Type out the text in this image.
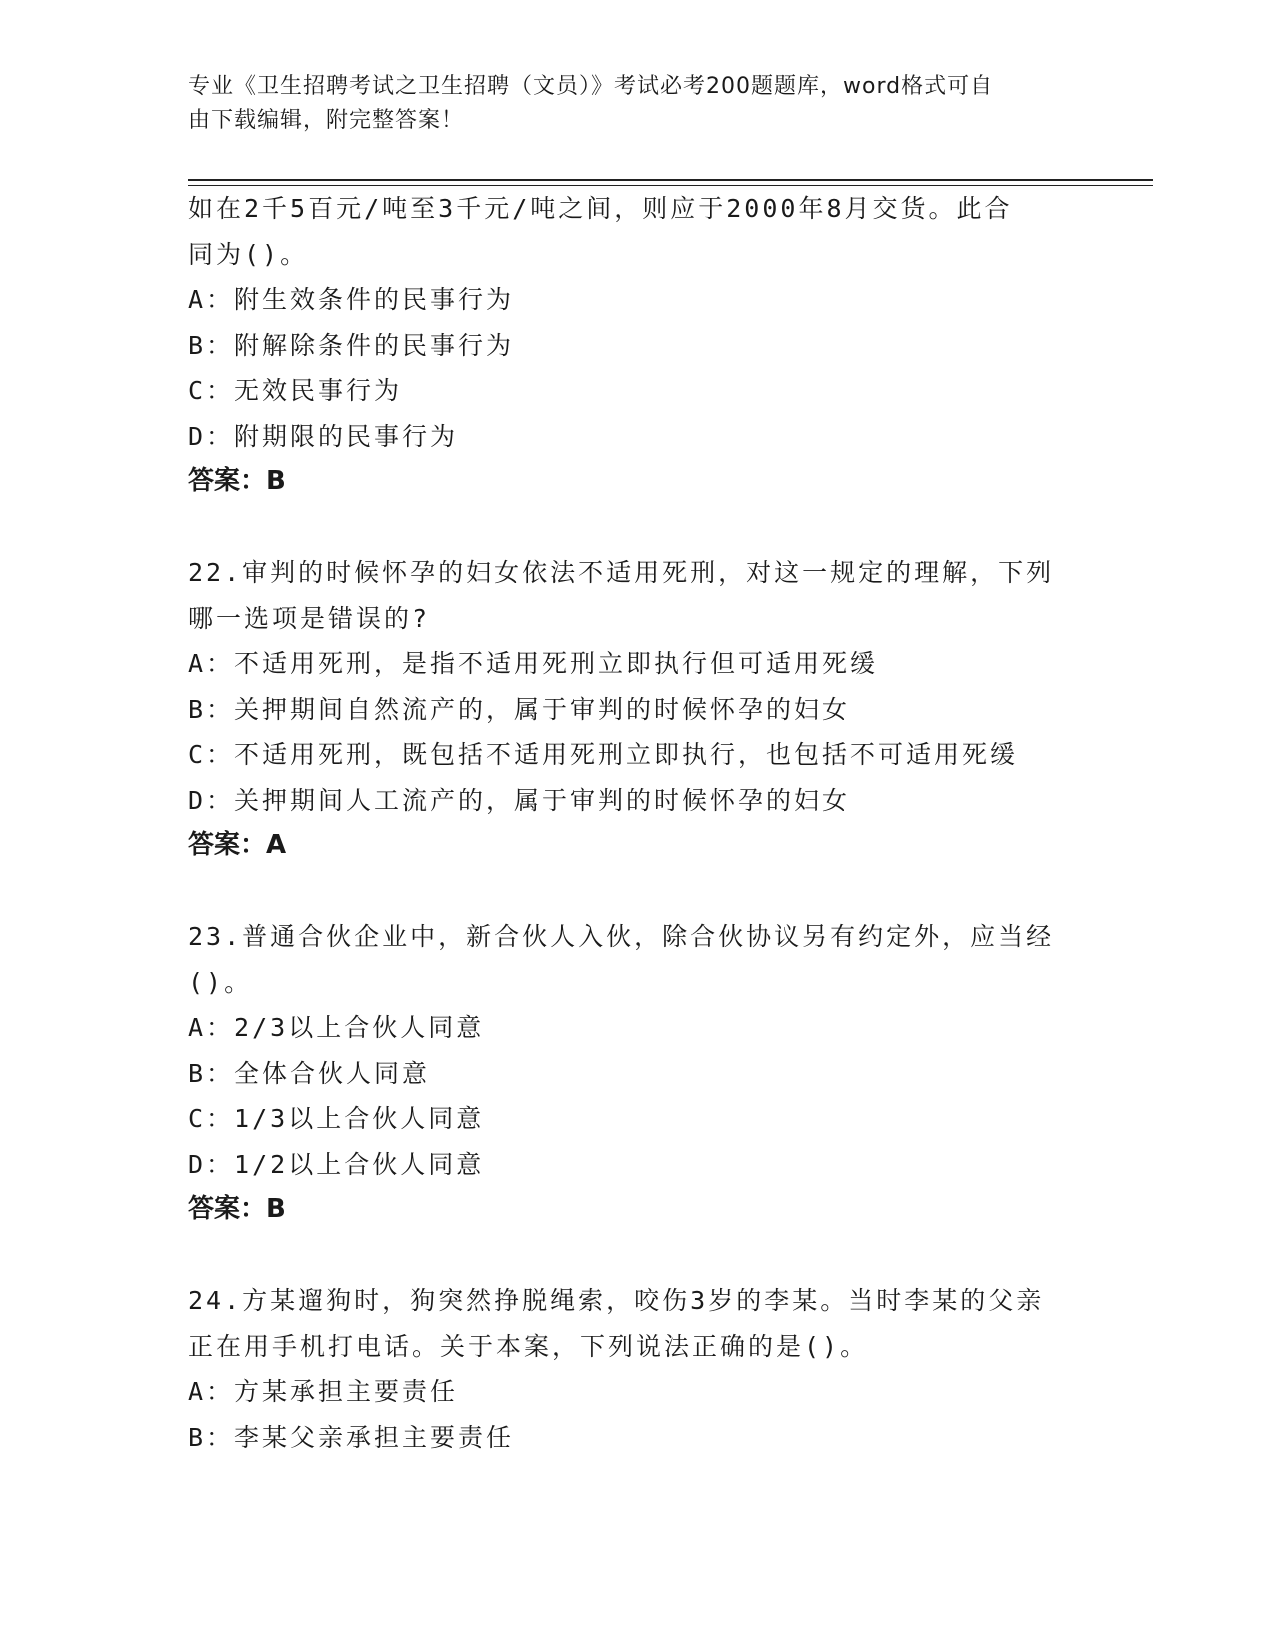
专业《卫生招聘考试之卫生招聘（文员）》考试必考200题题库，word格式可自
由下载编辑，附完整答案！
如在2千5百元/吨至3千元/吨之间，则应于2000年8月交货。此合
同为()。
A：附生效条件的民事行为
B：附解除条件的民事行为
C：无效民事行为
D：附期限的民事行为
答案：B
22.审判的时候怀孕的妇女依法不适用死刑，对这一规定的理解，下列
哪一选项是错误的?
A：不适用死刑，是指不适用死刑立即执行但可适用死缓
B：关押期间自然流产的，属于审判的时候怀孕的妇女
C：不适用死刑，既包括不适用死刑立即执行，也包括不可适用死缓
D：关押期间人工流产的，属于审判的时候怀孕的妇女
答案：A
23.普通合伙企业中，新合伙人入伙，除合伙协议另有约定外，应当经
()。
A：2/3以上合伙人同意
B：全体合伙人同意
C：1/3以上合伙人同意
D：1/2以上合伙人同意
答案：B
24.方某遛狗时，狗突然挣脱绳索，咬伤3岁的李某。当时李某的父亲
正在用手机打电话。关于本案，下列说法正确的是()。
A：方某承担主要责任
B：李某父亲承担主要责任
